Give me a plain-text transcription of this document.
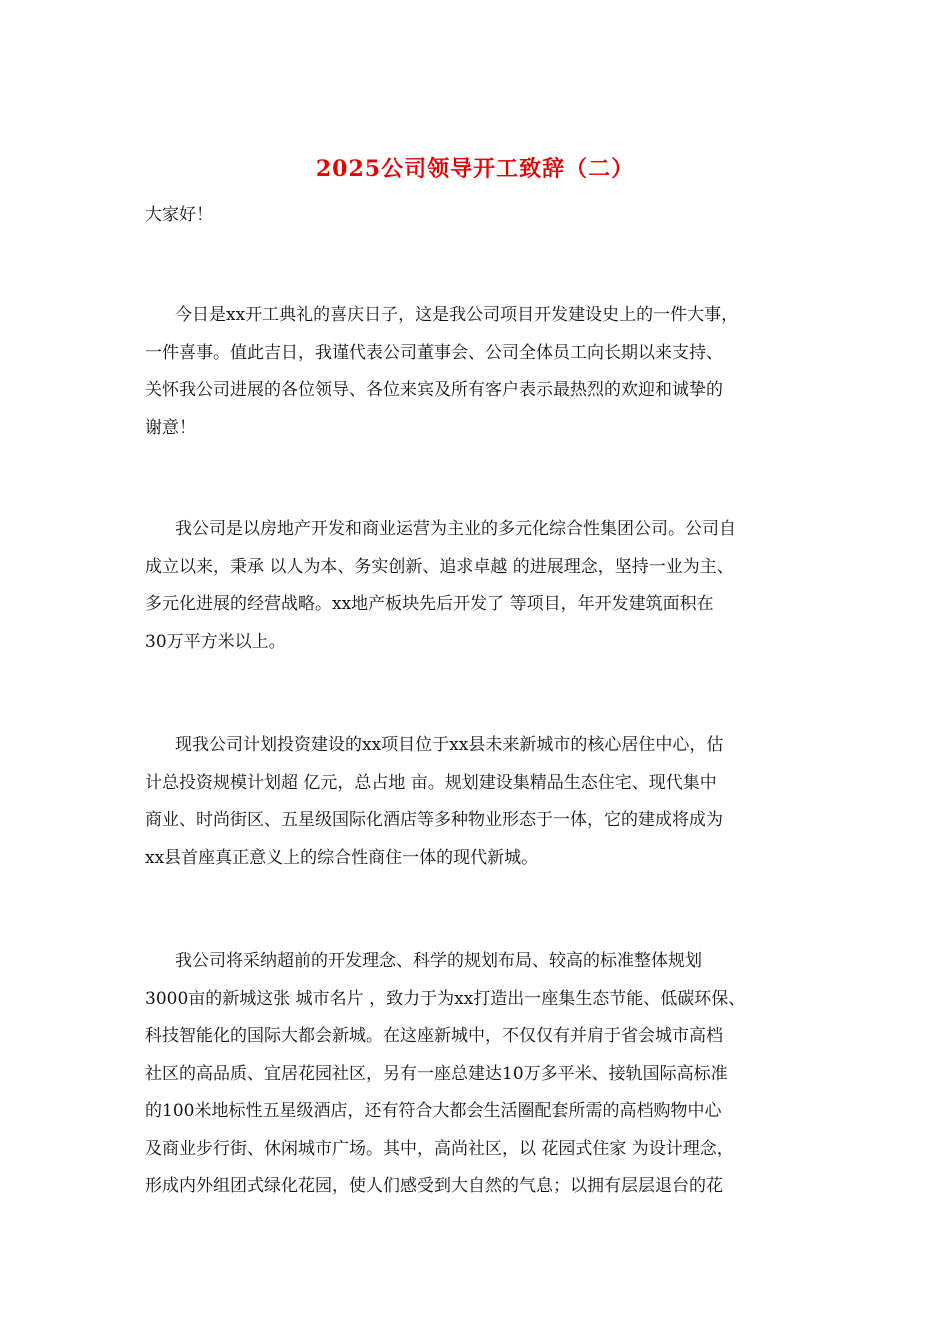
2025公司领导开工致辞（二）
大家好！
今日是xx开工典礼的喜庆日子，这是我公司项目开发建设史上的一件大事，
一件喜事。值此吉日，我谨代表公司董事会、公司全体员工向长期以来支持、
关怀我公司进展的各位领导、各位来宾及所有客户表示最热烈的欢迎和诚挚的
谢意！
我公司是以房地产开发和商业运营为主业的多元化综合性集团公司。公司自
成立以来，秉承 以人为本、务实创新、追求卓越 的进展理念，坚持一业为主、
多元化进展的经营战略。xx地产板块先后开发了 等项目，年开发建筑面积在
30万平方米以上。
现我公司计划投资建设的xx项目位于xx县未来新城市的核心居住中心，估
计总投资规模计划超 亿元，总占地 亩。规划建设集精品生态住宅、现代集中
商业、时尚街区、五星级国际化酒店等多种物业形态于一体，它的建成将成为
xx县首座真正意义上的综合性商住一体的现代新城。
我公司将采纳超前的开发理念、科学的规划布局、较高的标准整体规划
3000亩的新城这张 城市名片 ，致力于为xx打造出一座集生态节能、低碳环保、
科技智能化的国际大都会新城。在这座新城中，不仅仅有并肩于省会城市高档
社区的高品质、宜居花园社区，另有一座总建达10万多平米、接轨国际高标准
的100米地标性五星级酒店，还有符合大都会生活圈配套所需的高档购物中心
及商业步行街、休闲城市广场。其中，高尚社区，以 花园式住家 为设计理念，
形成内外组团式绿化花园，使人们感受到大自然的气息；以拥有层层退台的花
